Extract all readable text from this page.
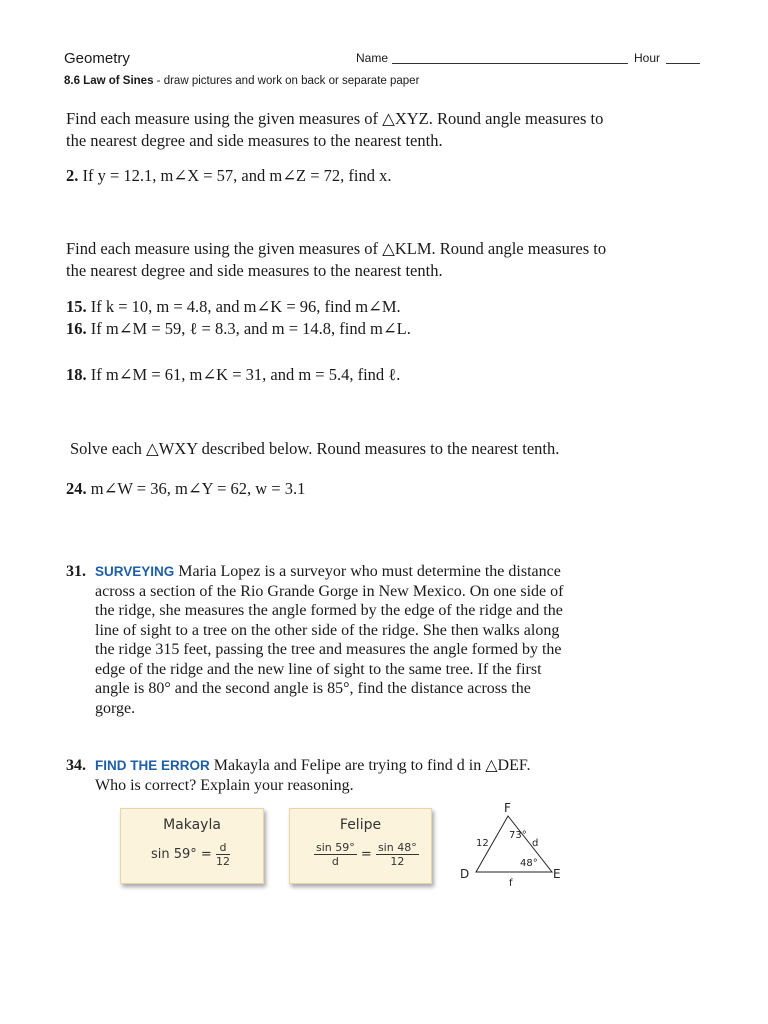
Geometry	Name	Hour
8.6 Law of Sines - draw pictures and work on back or separate paper
Find each measure using the given measures of △XYZ. Round angle measures to the nearest degree and side measures to the nearest tenth.
2. If y = 12.1, m∠X = 57, and m∠Z = 72, find x.
Find each measure using the given measures of △KLM. Round angle measures to the nearest degree and side measures to the nearest tenth.
15. If k = 10, m = 4.8, and m∠K = 96, find m∠M.
16. If m∠M = 59, ℓ = 8.3, and m = 14.8, find m∠L.
18. If m∠M = 61, m∠K = 31, and m = 5.4, find ℓ.
Solve each △WXY described below. Round measures to the nearest tenth.
24. m∠W = 36, m∠Y = 62, w = 3.1
31. SURVEYING Maria Lopez is a surveyor who must determine the distance across a section of the Rio Grande Gorge in New Mexico. On one side of the ridge, she measures the angle formed by the edge of the ridge and the line of sight to a tree on the other side of the ridge. She then walks along the ridge 315 feet, passing the tree and measures the angle formed by the edge of the ridge and the new line of sight to the same tree. If the first angle is 80° and the second angle is 85°, find the distance across the gorge.
34. FIND THE ERROR Makayla and Felipe are trying to find d in △DEF. Who is correct? Explain your reasoning.
Makayla
$\sin 59^\circ = \frac{d}{12}$
Felipe
$\frac{\sin 59^\circ}{d} = \frac{\sin 48^\circ}{12}$
F
D	E
12	d
f
73°
48°
